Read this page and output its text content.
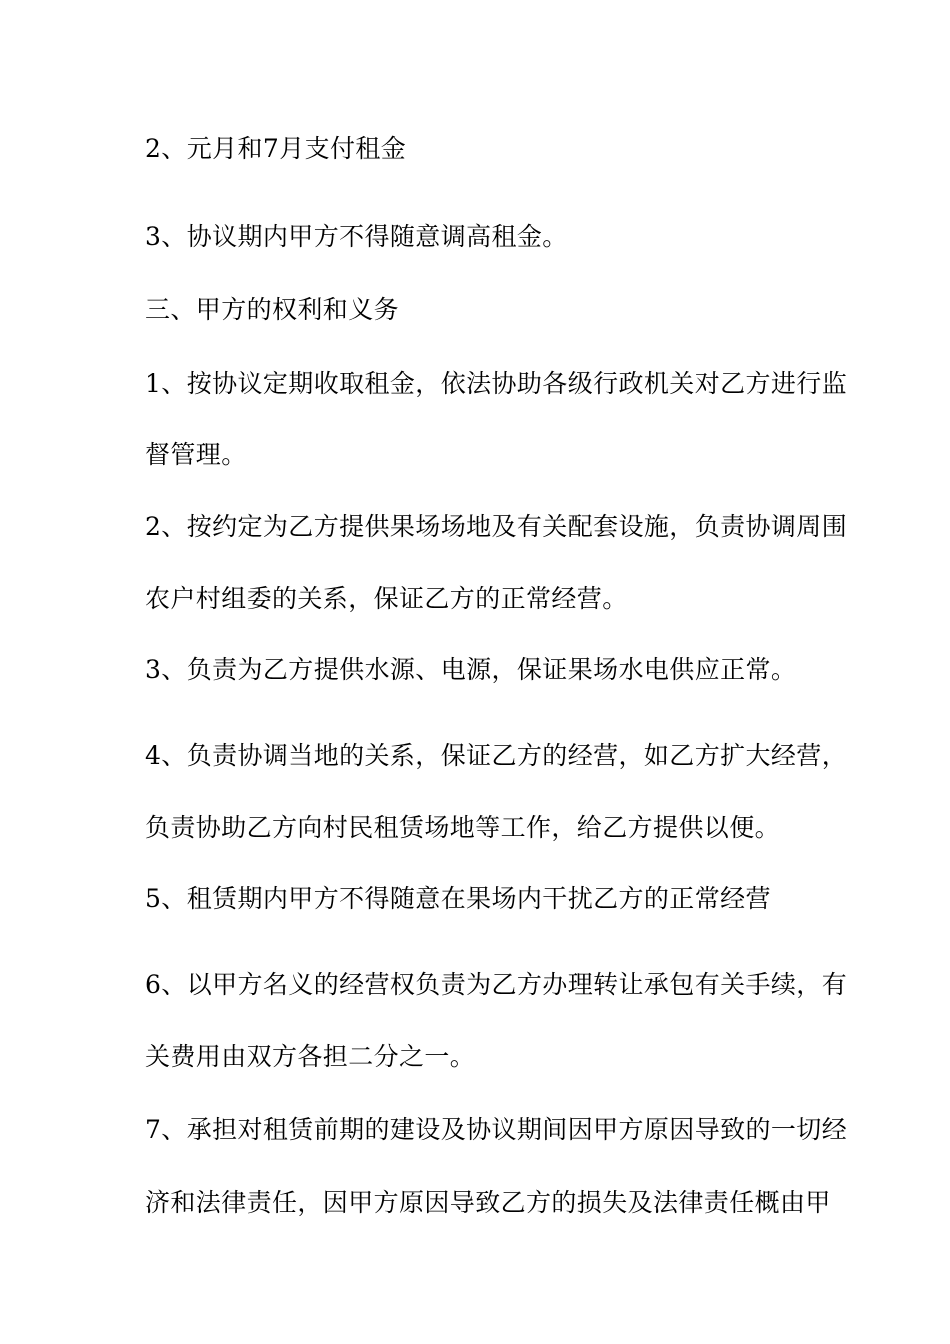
2、元月和7月支付租金
3、协议期内甲方不得随意调高租金。
三、甲方的权利和义务
1、按协议定期收取租金，依法协助各级行政机关对乙方进行监
督管理。
2、按约定为乙方提供果场场地及有关配套设施，负责协调周围
农户村组委的关系，保证乙方的正常经营。
3、负责为乙方提供水源、电源，保证果场水电供应正常。
4、负责协调当地的关系，保证乙方的经营，如乙方扩大经营，
负责协助乙方向村民租赁场地等工作，给乙方提供以便。
5、租赁期内甲方不得随意在果场内干扰乙方的正常经营
6、以甲方名义的经营权负责为乙方办理转让承包有关手续，有
关费用由双方各担二分之一。
7、承担对租赁前期的建设及协议期间因甲方原因导致的一切经
济和法律责任，因甲方原因导致乙方的损失及法律责任概由甲
